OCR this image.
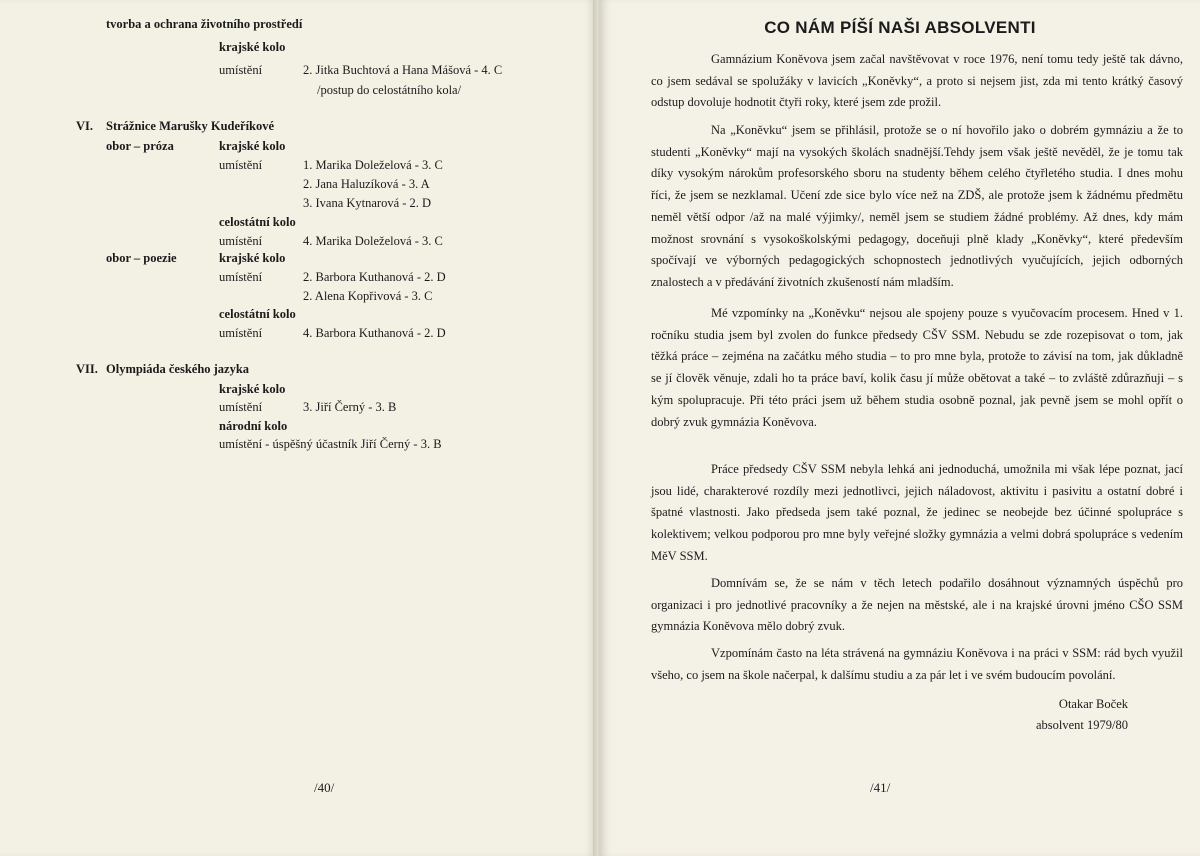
tvorba a ochrana životního prostředí
krajské kolo
umístění	2. Jitka Buchtová a Hana Mášová - 4. C
/postup do celostátního kola/
VI. Strážnice Marušky Kudeříkové
obor – próza	krajské kolo
umístění	1. Marika Doleželová - 3. C
2. Jana Haluzíková - 3. A
3. Ivana Kytnarová - 2. D
celostátní kolo
umístění	4. Marika Doleželová - 3. C
obor – poezie	krajské kolo
umístění	2. Barbora Kuthanová - 2. D
2. Alena Kopřivová - 3. C
celostátní kolo
umístění	4. Barbora Kuthanová - 2. D
VII. Olympiáda českého jazyka
krajské kolo
umístění	3. Jiří Černý - 3. B
národní kolo
umístění - úspěšný účastník Jiří Černý - 3. B
CO NÁM PÍŠÍ NAŠI ABSOLVENTI

Gamnázium Koněvova jsem začal navštěvovat v roce 1976, není tomu tedy ještě tak dávno, co jsem sedával se spolužáky v lavicích „Koněvky“, a proto si nejsem jist, zda mi tento krátký časový odstup dovoluje hodnotit čtyři roky, které jsem zde prožil.

Na „Koněvku“ jsem se přihlásil, protože se o ní hovořilo jako o dobrém gymnáziu a že to studenti „Koněvky“ mají na vysokých školách snadnější.Tehdy jsem však ještě nevěděl, že je tomu tak díky vysokým nárokům profesorského sboru na studenty během celého čtyřletého studia. I dnes mohu říci, že jsem se nezklamal. Učení zde sice bylo více než na ZDŠ, ale protože jsem k žádnému předmětu neměl větší odpor /až na malé výjimky/, neměl jsem se studiem žádné problémy. Až dnes, kdy mám možnost srovnání s vysokoškolskými pedagogy, doceňuji plně klady „Koněvky“, které především spočívají ve výborných pedagogických schopnostech jednotlivých vyučujících, jejich odborných znalostech a v předávání životních zkušeností nám mladším.

Mé vzpomínky na „Koněvku“ nejsou ale spojeny pouze s vyučovacím procesem. Hned v 1. ročníku studia jsem byl zvolen do funkce předsedy CŠV SSM. Nebudu se zde rozepisovat o tom, jak těžká práce – zejména na začátku mého studia – to pro mne byla, protože to závisí na tom, jak důkladně se jí člověk věnuje, zdali ho ta práce baví, kolik času jí může obětovat a také – to zvláště zdůrazňuji – s kým spolupracuje. Při této práci jsem už během studia osobně poznal, jak pevně jsem se mohl opřít o dobrý zvuk gymnázia Koněvova.

Práce předsedy CŠV SSM nebyla lehká ani jednoduchá, umožnila mi však lépe poznat, jací jsou lidé, charakterové rozdíly mezi jednotlivci, jejich náladovost, aktivitu i pasivitu a ostatní dobré i špatné vlastnosti. Jako předseda jsem také poznal, že jedinec se neobejde bez účinné spolupráce s kolektivem; velkou podporou pro mne byly veřejné složky gymnázia a velmi dobrá spolupráce s vedením MěV SSM.

Domnívám se, že se nám v těch letech podařilo dosáhnout významných úspěchů pro organizaci i pro jednotlivé pracovníky a že nejen na městské, ale i na krajské úrovni jméno CŠO SSM gymnázia Koněvova mělo dobrý zvuk.

Vzpomínám často na léta strávená na gymnáziu Koněvova i na práci v SSM: rád bych využil všeho, co jsem na škole načerpal, k dalšímu studiu a za pár let i ve svém budoucím povolání.

Otakar Boček
absolvent 1979/80
/41/
/40/
